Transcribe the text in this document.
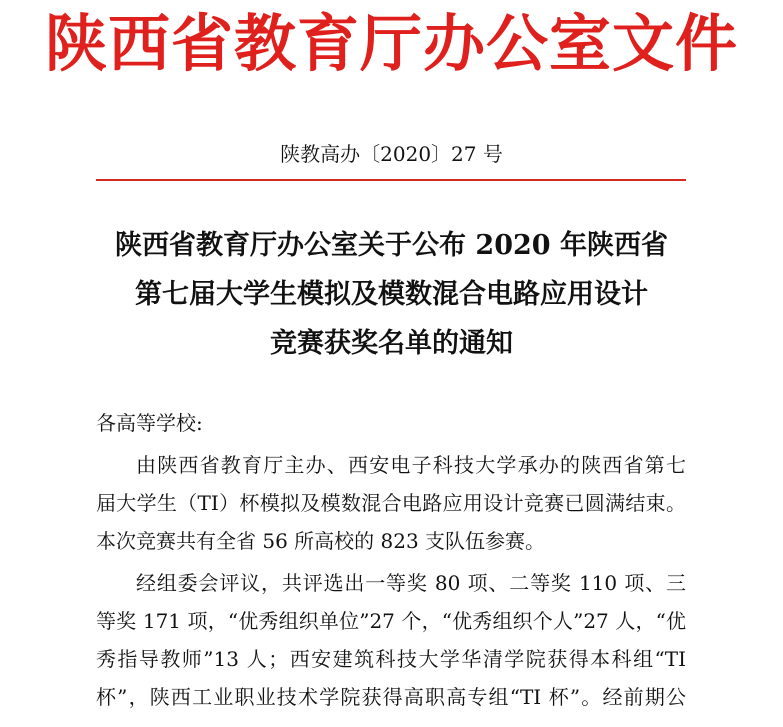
陕西省教育厅办公室文件
陕教高办〔2020〕27 号
陕西省教育厅办公室关于公布 2020 年陕西省
第七届大学生模拟及模数混合电路应用设计
竞赛获奖名单的通知
各高等学校:
由陕西省教育厅主办、西安电子科技大学承办的陕西省第七
届大学生（TI）杯模拟及模数混合电路应用设计竞赛已圆满结束。
本次竞赛共有全省 56 所高校的 823 支队伍参赛。
经组委会评议，共评选出一等奖 80 项、二等奖 110 项、三
等奖 171 项，“优秀组织单位”27 个，“优秀组织个人”27 人，“优
秀指导教师”13 人；西安建筑科技大学华清学院获得本科组“TI
杯”，陕西工业职业技术学院获得高职高专组“TI 杯”。经前期公
